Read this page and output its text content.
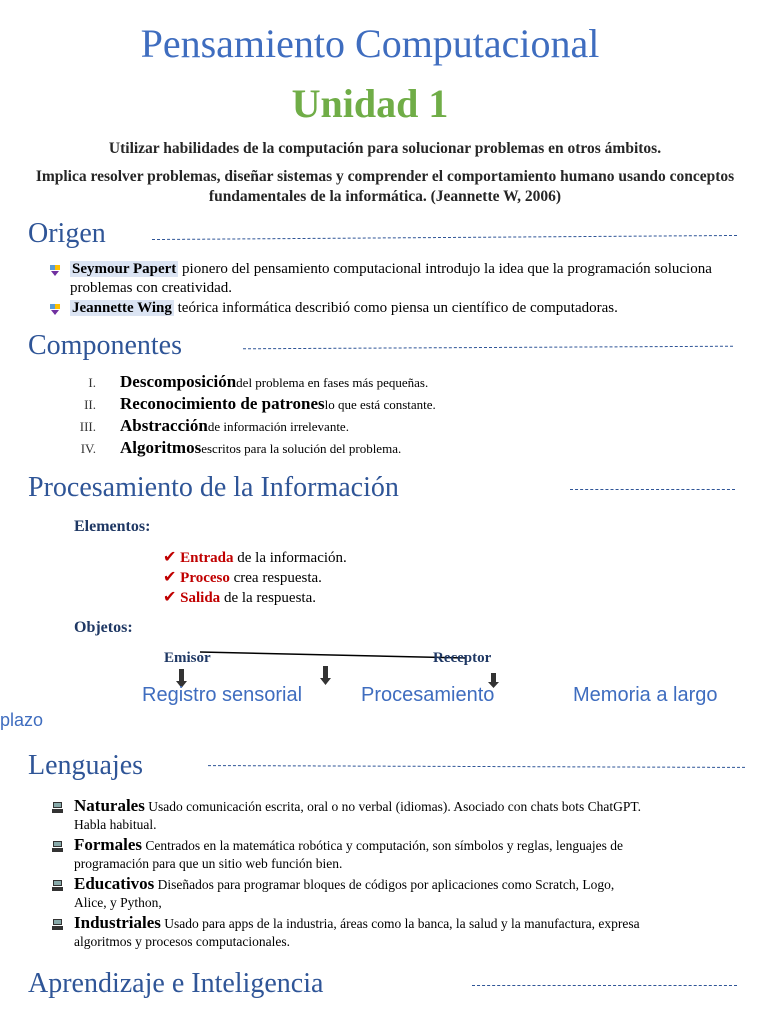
Pensamiento Computacional
Unidad 1
Utilizar habilidades de la computación para solucionar problemas en otros ámbitos.
Implica resolver problemas, diseñar sistemas y comprender el comportamiento humano usando conceptos fundamentales de la informática. (Jeannette W, 2006)
Origen
Seymour Papert pionero del pensamiento computacional introdujo la idea que la programación soluciona problemas con creatividad.
Jeannette Wing teórica informática describió como piensa un científico de computadoras.
Componentes
I. Descomposición del problema en fases más pequeñas.
II. Reconocimiento de patrones lo que está constante.
III. Abstracción de información irrelevante.
IV. Algoritmos escritos para la solución del problema.
Procesamiento de la Información
Elementos:
✔ Entrada de la información.
✔ Proceso crea respuesta.
✔ Salida de la respuesta.
Objetos:
Emisor	Receptor
Registro sensorial	Procesamiento	Memoria a largo
plazo
Lenguajes
Naturales Usado comunicación escrita, oral o no verbal (idiomas). Asociado con chats bots ChatGPT.
Habla habitual.
Formales Centrados en la matemática robótica y computación, son símbolos y reglas, lenguajes de
programación para que un sitio web función bien.
Educativos Diseñados para programar bloques de códigos por aplicaciones como Scratch, Logo,
Alice, y Python,
Industriales Usado para apps de la industria, áreas como la banca, la salud y la manufactura, expresa
algoritmos y procesos computacionales.
Aprendizaje e Inteligencia
